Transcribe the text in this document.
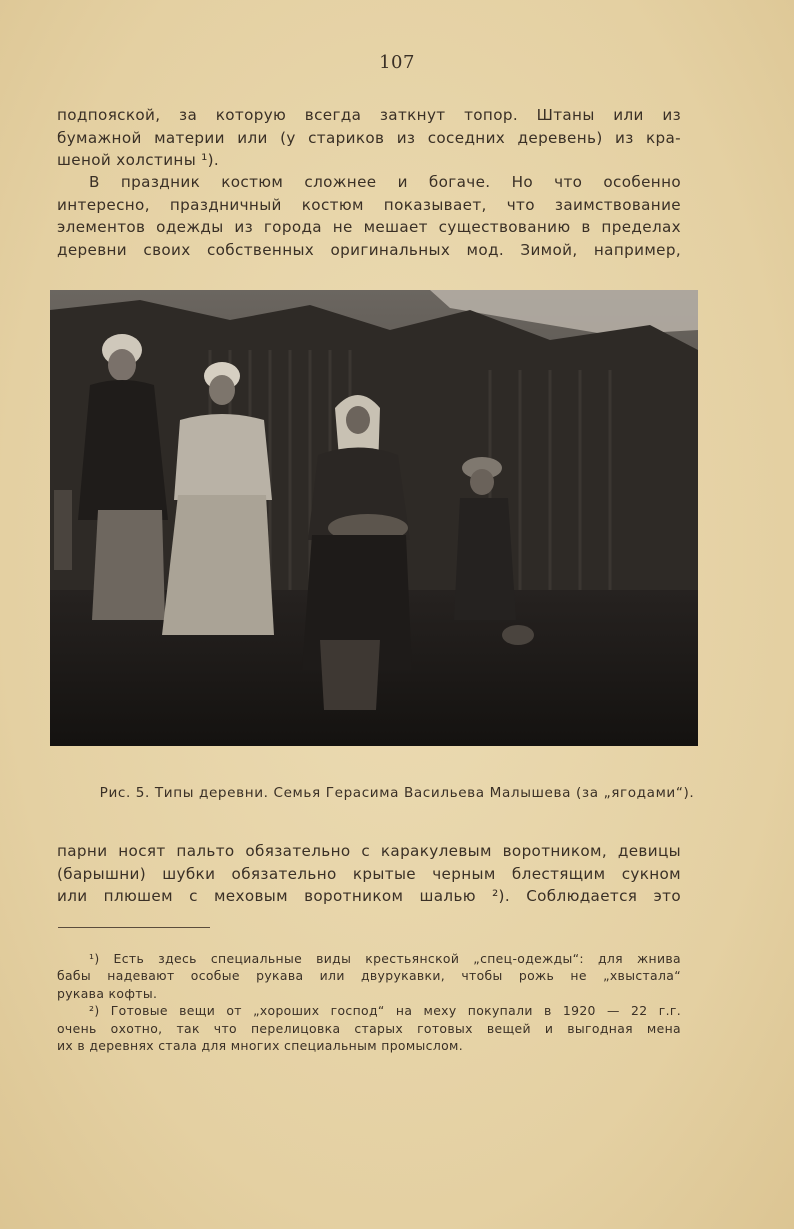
107
подпояской, за которую всегда заткнут топор. Штаны или из
бумажной материи или (у стариков из соседних деревень) из кра-
шеной холстины ¹).
В праздник костюм сложнее и богаче. Но что особенно
интересно, праздничный костюм показывает, что заимствование
элементов одежды из города не мешает существованию в пределах
деревни своих собственных оригинальных мод. Зимой, например,
Рис. 5. Типы деревни. Семья Герасима Васильева Малышева (за „ягодами“).
парни носят пальто обязательно с каракулевым воротником, девицы
(барышни) шубки обязательно крытые черным блестящим сукном
или плюшем с меховым воротником шалью ²). Соблюдается это
¹) Есть здесь специальные виды крестьянской „спец-одежды“: для жнива
бабы надевают особые рукава или двурукавки, чтобы рожь не „хвыстала“
рукава кофты.
²) Готовые вещи от „хороших господ“ на меху покупали в 1920 — 22 г.г.
очень охотно, так что перелицовка старых готовых вещей и выгодная мена
их в деревнях стала для многих специальным промыслом.
